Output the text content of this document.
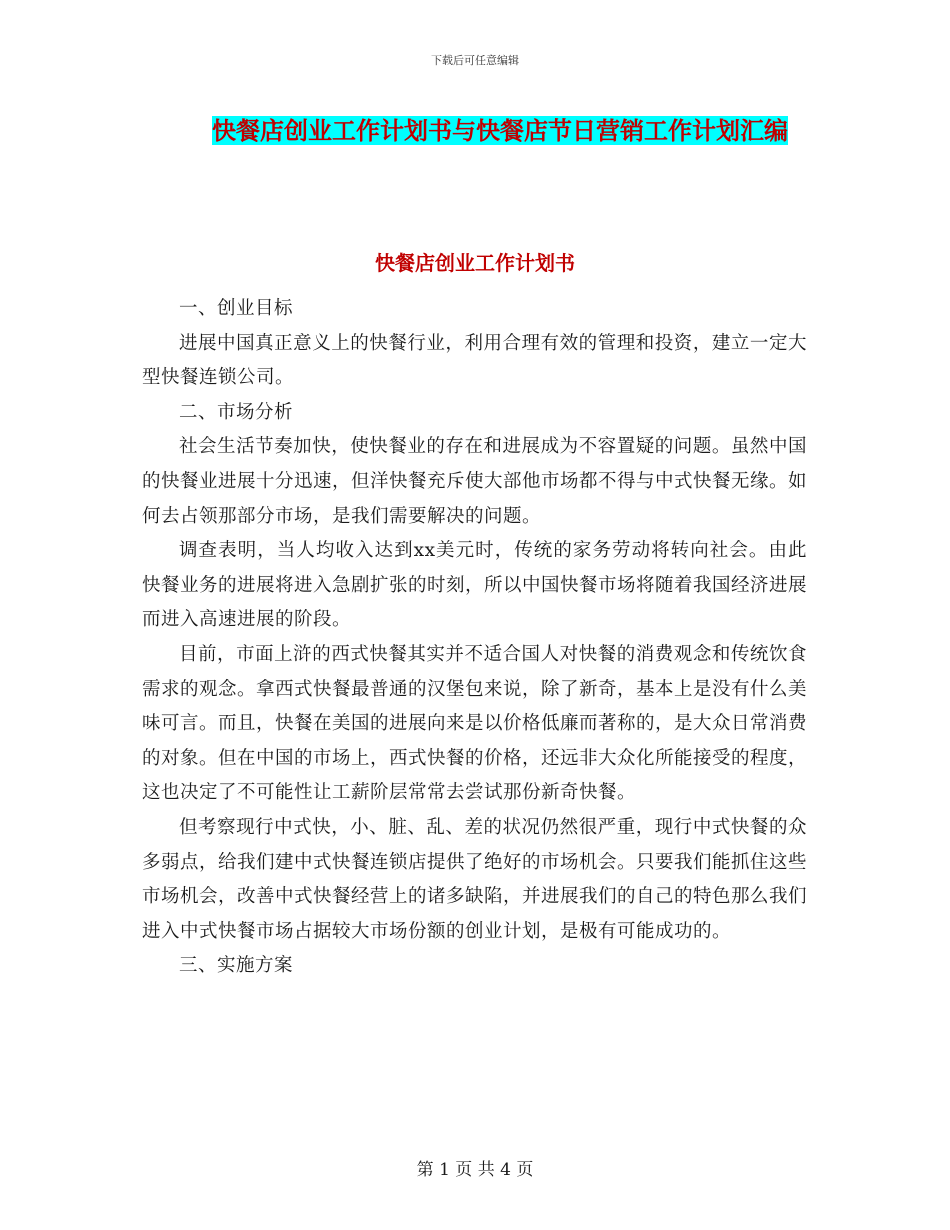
下载后可任意编辑
快餐店创业工作计划书与快餐店节日营销工作计划汇编
快餐店创业工作计划书

一、创业目标

进展中国真正意义上的快餐行业，利用合理有效的管理和投资，建立一定大型快餐连锁公司。

二、市场分析

社会生活节奏加快，使快餐业的存在和进展成为不容置疑的问题。虽然中国的快餐业进展十分迅速，但洋快餐充斥使大部他市场都不得与中式快餐无缘。如何去占领那部分市场，是我们需要解决的问题。

调查表明，当人均收入达到xx美元时，传统的家务劳动将转向社会。由此快餐业务的进展将进入急剧扩张的时刻，所以中国快餐市场将随着我国经济进展而进入高速进展的阶段。

目前，市面上浒的西式快餐其实并不适合国人对快餐的消费观念和传统饮食需求的观念。拿西式快餐最普通的汉堡包来说，除了新奇，基本上是没有什么美味可言。而且，快餐在美国的进展向来是以价格低廉而著称的，是大众日常消费的对象。但在中国的市场上，西式快餐的价格，还远非大众化所能接受的程度，这也决定了不可能性让工薪阶层常常去尝试那份新奇快餐。

但考察现行中式快，小、脏、乱、差的状况仍然很严重，现行中式快餐的众多弱点，给我们建中式快餐连锁店提供了绝好的市场机会。只要我们能抓住这些市场机会，改善中式快餐经营上的诸多缺陷，并进展我们的自己的特色那么我们进入中式快餐市场占据较大市场份额的创业计划，是极有可能成功的。

三、实施方案

第 1 页 共 4 页
